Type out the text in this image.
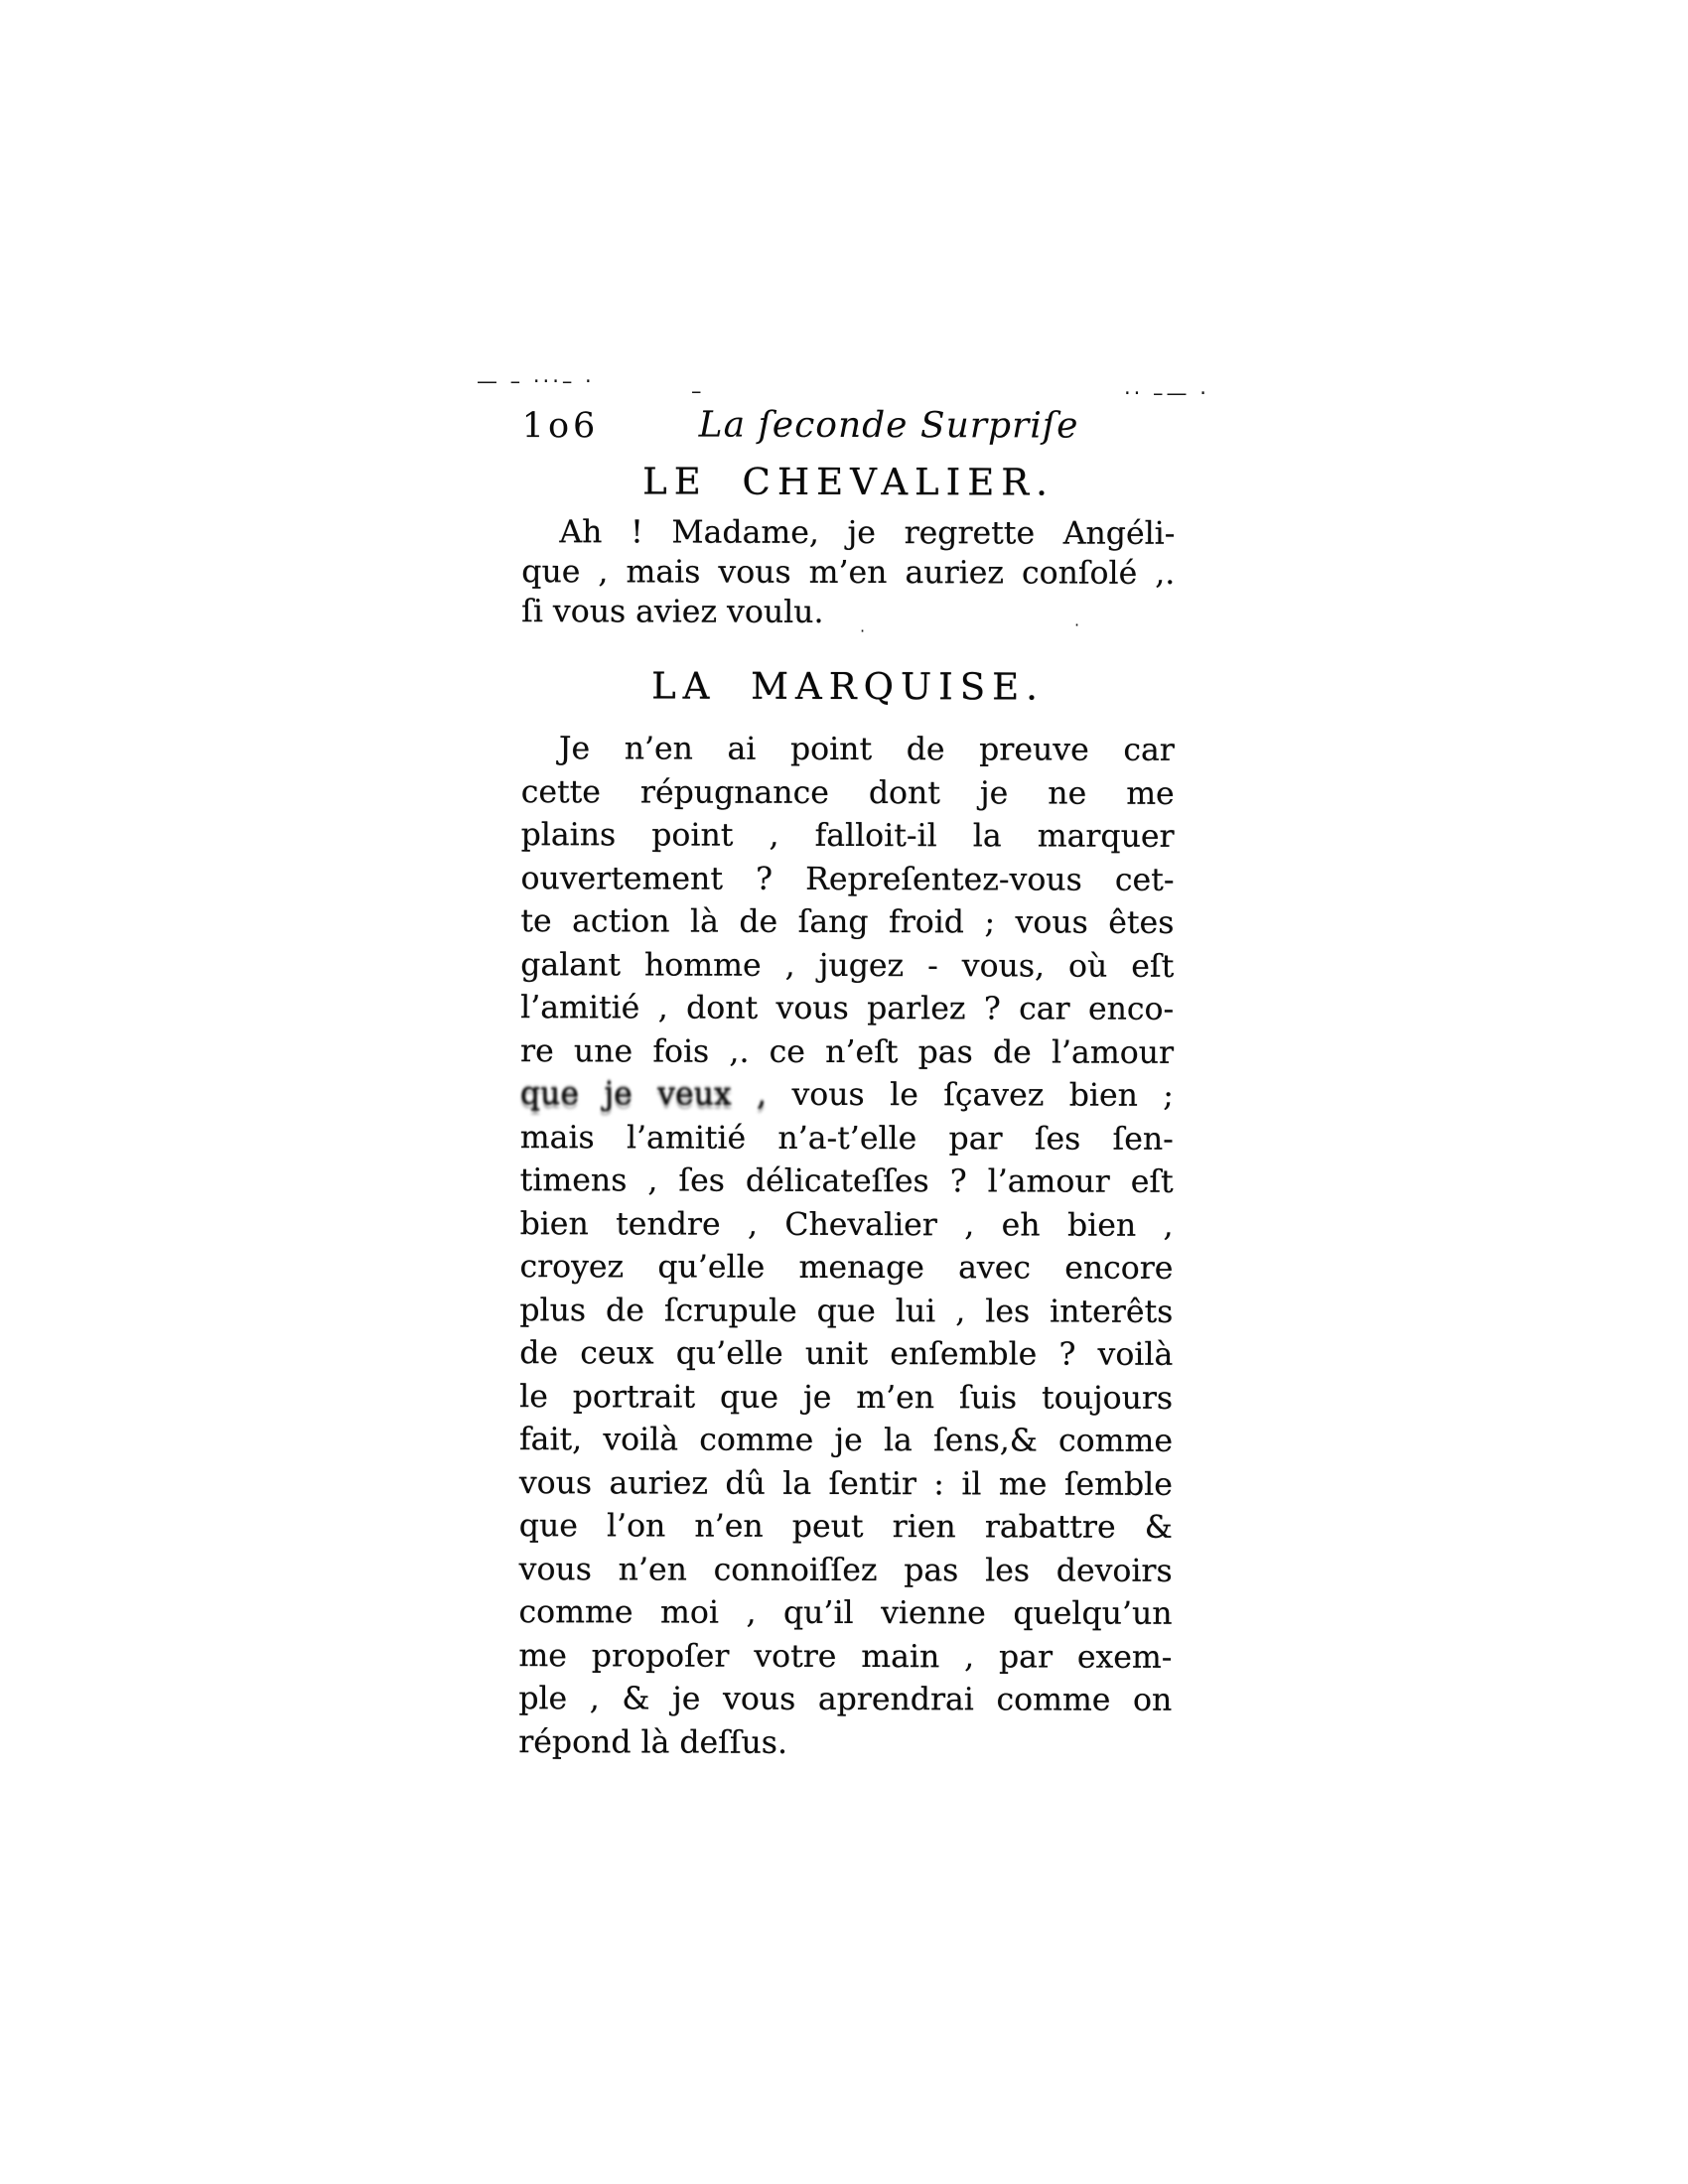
— – ···– ·	–	·· –— ·
·	·
1o6	La ſeconde Surpriſe
LE CHEVALIER.

Ah ! Madame, je regrette Angéli-

que , mais vous m’en auriez conſolé ,.

ſi vous aviez voulu.

LA MARQUISE.

Je n’en ai point de preuve car

cette répugnance dont je ne me

plains point , falloit-il la marquer

ouvertement ? Repreſentez-vous cet-

te action là de ſang froid ; vous êtes

galant homme , jugez - vous, où eſt

l’amitié , dont vous parlez ? car enco-

re une fois ,. ce n’eſt pas de l’amour

que je veux , vous le ſçavez bien ;

mais l’amitié n’a-t’elle par ſes ſen-

timens , ſes délicateſſes ? l’amour eſt

bien tendre , Chevalier , eh bien ,

croyez qu’elle menage avec encore

plus de ſcrupule que lui , les interêts

de ceux qu’elle unit enſemble ? voilà

le portrait que je m’en ſuis toujours

fait, voilà comme je la ſens,& comme

vous auriez dû la ſentir : il me ſemble

que l’on n’en peut rien rabattre &

vous n’en connoiſſez pas les devoirs

comme moi , qu’il vienne quelqu’un

me propoſer votre main , par exem-

ple , & je vous aprendrai comme on

répond là deſſus.
